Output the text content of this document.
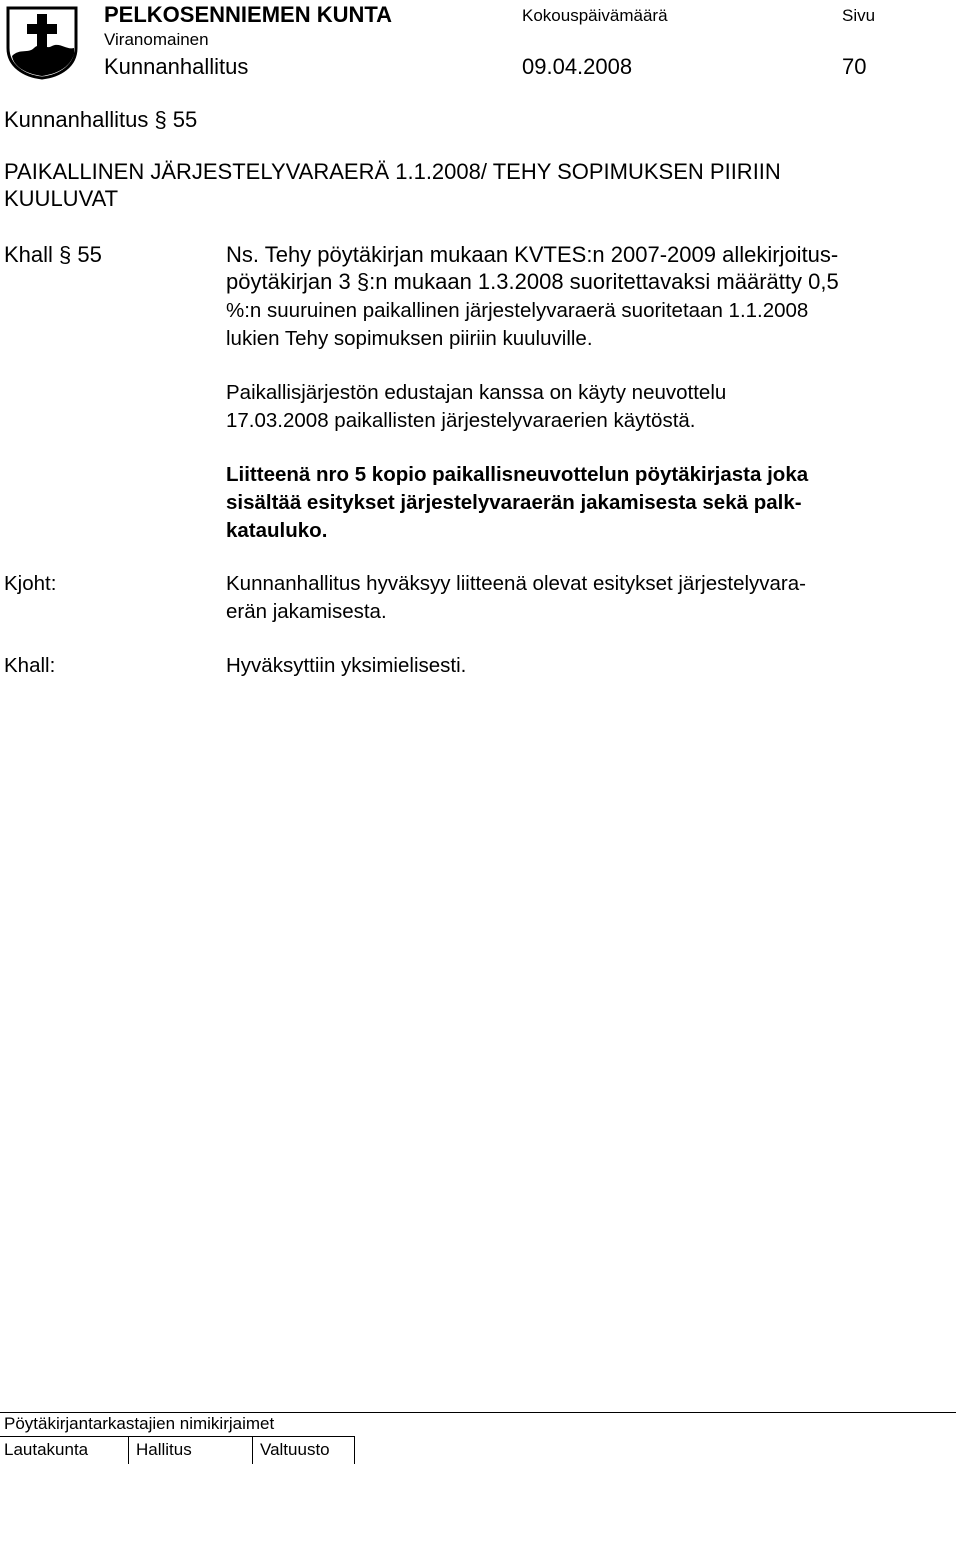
PELKOSENNIEMEN KUNTA
Viranomainen
Kunnanhallitus
Kokouspäivämäärä
09.04.2008
Sivu
70
Kunnanhallitus § 55
PAIKALLINEN JÄRJESTELYVARAERÄ 1.1.2008/ TEHY SOPIMUKSEN PIIRIIN
KUULUVAT
Khall § 55	Ns. Tehy pöytäkirjan mukaan KVTES:n 2007-2009 allekirjoitus-
pöytäkirjan 3 §:n mukaan 1.3.2008 suoritettavaksi määrätty 0,5
%:n suuruinen paikallinen järjestelyvaraerä suoritetaan 1.1.2008
lukien Tehy sopimuksen piiriin kuuluville.
Paikallisjärjestön edustajan kanssa on käyty neuvottelu
17.03.2008 paikallisten järjestelyvaraerien käytöstä.
Liitteenä nro 5 kopio paikallisneuvottelun pöytäkirjasta joka
sisältää esitykset järjestelyvaraerän jakamisesta sekä palk-
katauluko.
Kjoht:	Kunnanhallitus hyväksyy liitteenä olevat esitykset järjestelyvara-
erän jakamisesta.
Khall:	Hyväksyttiin yksimielisesti.
Pöytäkirjantarkastajien nimikirjaimet
Lautakunta	Hallitus	Valtuusto
